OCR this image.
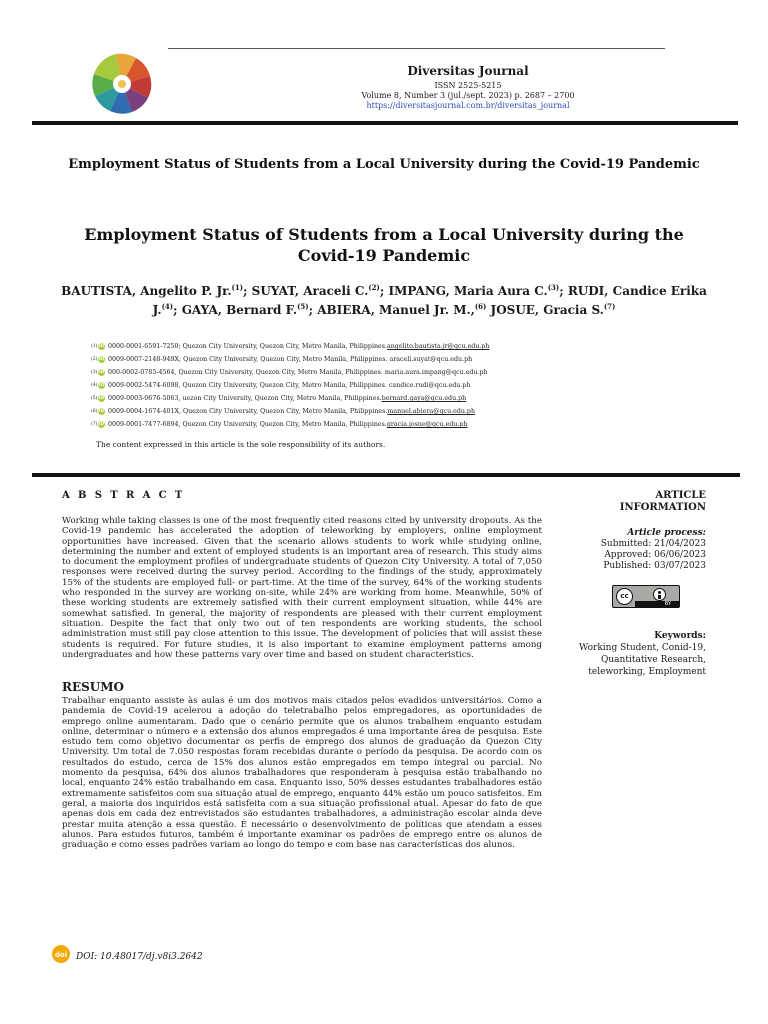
Diversitas Journal
ISSN 2525-5215
Volume 8, Number 3 (jul./sept. 2023) p. 2687 – 2700
https://diversitasjournal.com.br/diversitas_journal
Employment Status of Students from a Local University during the Covid-19 Pandemic
Employment Status of Students from a Local University during the Covid-19 Pandemic
BAUTISTA, Angelito P. Jr.$^{(1)}$; SUYAT, Araceli C.$^{(2)}$; IMPANG, Maria Aura C.$^{(3)}$; RUDI, Candice Erika J.$^{(4)}$; GAYA, Bernard F.$^{(5)}$; ABIERA, Manuel Jr. M.,$^{(6)}$ JOSUE, Gracia S.$^{(7)}$
(1) iD 0000-0001-6591-7250; Quezon City University, Quezon City, Metro Manila, Philippines. angelito.bautista.jr@qcu.edu.ph
(2) iD 0009-0007-2148-949X; Quezon City University, Quezon City, Metro Manila, Philippines. araceli.suyat@qcu.edu.ph
(3) iD 000-0002-0785-4564, Quezon City University, Quezon City, Metro Manila, Philippines. maria.aura.impang@qcu.edu.ph
(4) iD 0009-0002-5474-6098, Quezon City University, Quezon City, Metro Manila, Philippines. candice.rudi@qcu.edu.ph
(5) iD 0009-0003-0676-5063, uezon City University, Quezon City, Metro Manila, Philippines. bernard.gaya@qcu.edu.ph
(6) iD 0009-0004-1674-401X, Quezon City University, Quezon City, Metro Manila, Philippines. manuel.abiera@qcu.edu.ph
(7) iD 0009-0001-7477-6894, Quezon City University, Quezon City, Metro Manila, Philippines. gracia.josue@qcu.edu.ph
The content expressed in this article is the sole responsibility of its authors.
A B S T R A C T
Working while taking classes is one of the most frequently cited reasons cited by university dropouts. As the Covid-19 pandemic has accelerated the adoption of teleworking by employers, online employment opportunities have increased. Given that the scenario allows students to work while studying online, determining the number and extent of employed students is an important area of research. This study aims to document the employment profiles of undergraduate students of Quezon City University. A total of 7,050 responses were received during the survey period. According to the findings of the study, approximately 15% of the students are employed full- or part-time. At the time of the survey, 64% of the working students who responded in the survey are working on-site, while 24% are working from home. Meanwhile, 50% of these working students are extremely satisfied with their current employment situation, while 44% are somewhat satisfied. In general, the majority of respondents are pleased with their current employment situation. Despite the fact that only two out of ten respondents are working students, the school administration must still pay close attention to this issue. The development of policies that will assist these students is required. For future studies, it is also important to examine employment patterns among undergraduates and how these patterns vary over time and based on student characteristics.
RESUMO
Trabalhar enquanto assiste às aulas é um dos motivos mais citados pelos evadidos universitários. Como a pandemia de Covid-19 acelerou a adoção do teletrabalho pelos empregadores, as oportunidades de emprego online aumentaram. Dado que o cenário permite que os alunos trabalhem enquanto estudam online, determinar o número e a extensão dos alunos empregados é uma importante área de pesquisa. Este estudo tem como objetivo documentar os perfis de emprego dos alunos de graduação da Quezon City University. Um total de 7.050 respostas foram recebidas durante o período da pesquisa. De acordo com os resultados do estudo, cerca de 15% dos alunos estão empregados em tempo integral ou parcial. No momento da pesquisa, 64% dos alunos trabalhadores que responderam à pesquisa estão trabalhando no local, enquanto 24% estão trabalhando em casa. Enquanto isso, 50% desses estudantes trabalhadores estão extremamente satisfeitos com sua situação atual de emprego, enquanto 44% estão um pouco satisfeitos. Em geral, a maioria dos inquiridos está satisfeita com a sua situação profissional atual. Apesar do fato de que apenas dois em cada dez entrevistados são estudantes trabalhadores, a administração escolar ainda deve prestar muita atenção a essa questão. É necessário o desenvolvimento de políticas que atendam a esses alunos. Para estudos futuros, também é importante examinar os padrões de emprego entre os alunos de graduação e como esses padrões variam ao longo do tempo e com base nas características dos alunos.
ARTICLE
INFORMATION
Article process:
Submitted: 21/04/2023
Approved: 06/06/2023
Published: 03/07/2023
cc
BY
Keywords:
Working Student, Conid-19, Quantitative Research, teleworking, Employment
doi DOI: 10.48017/dj.v8i3.2642
